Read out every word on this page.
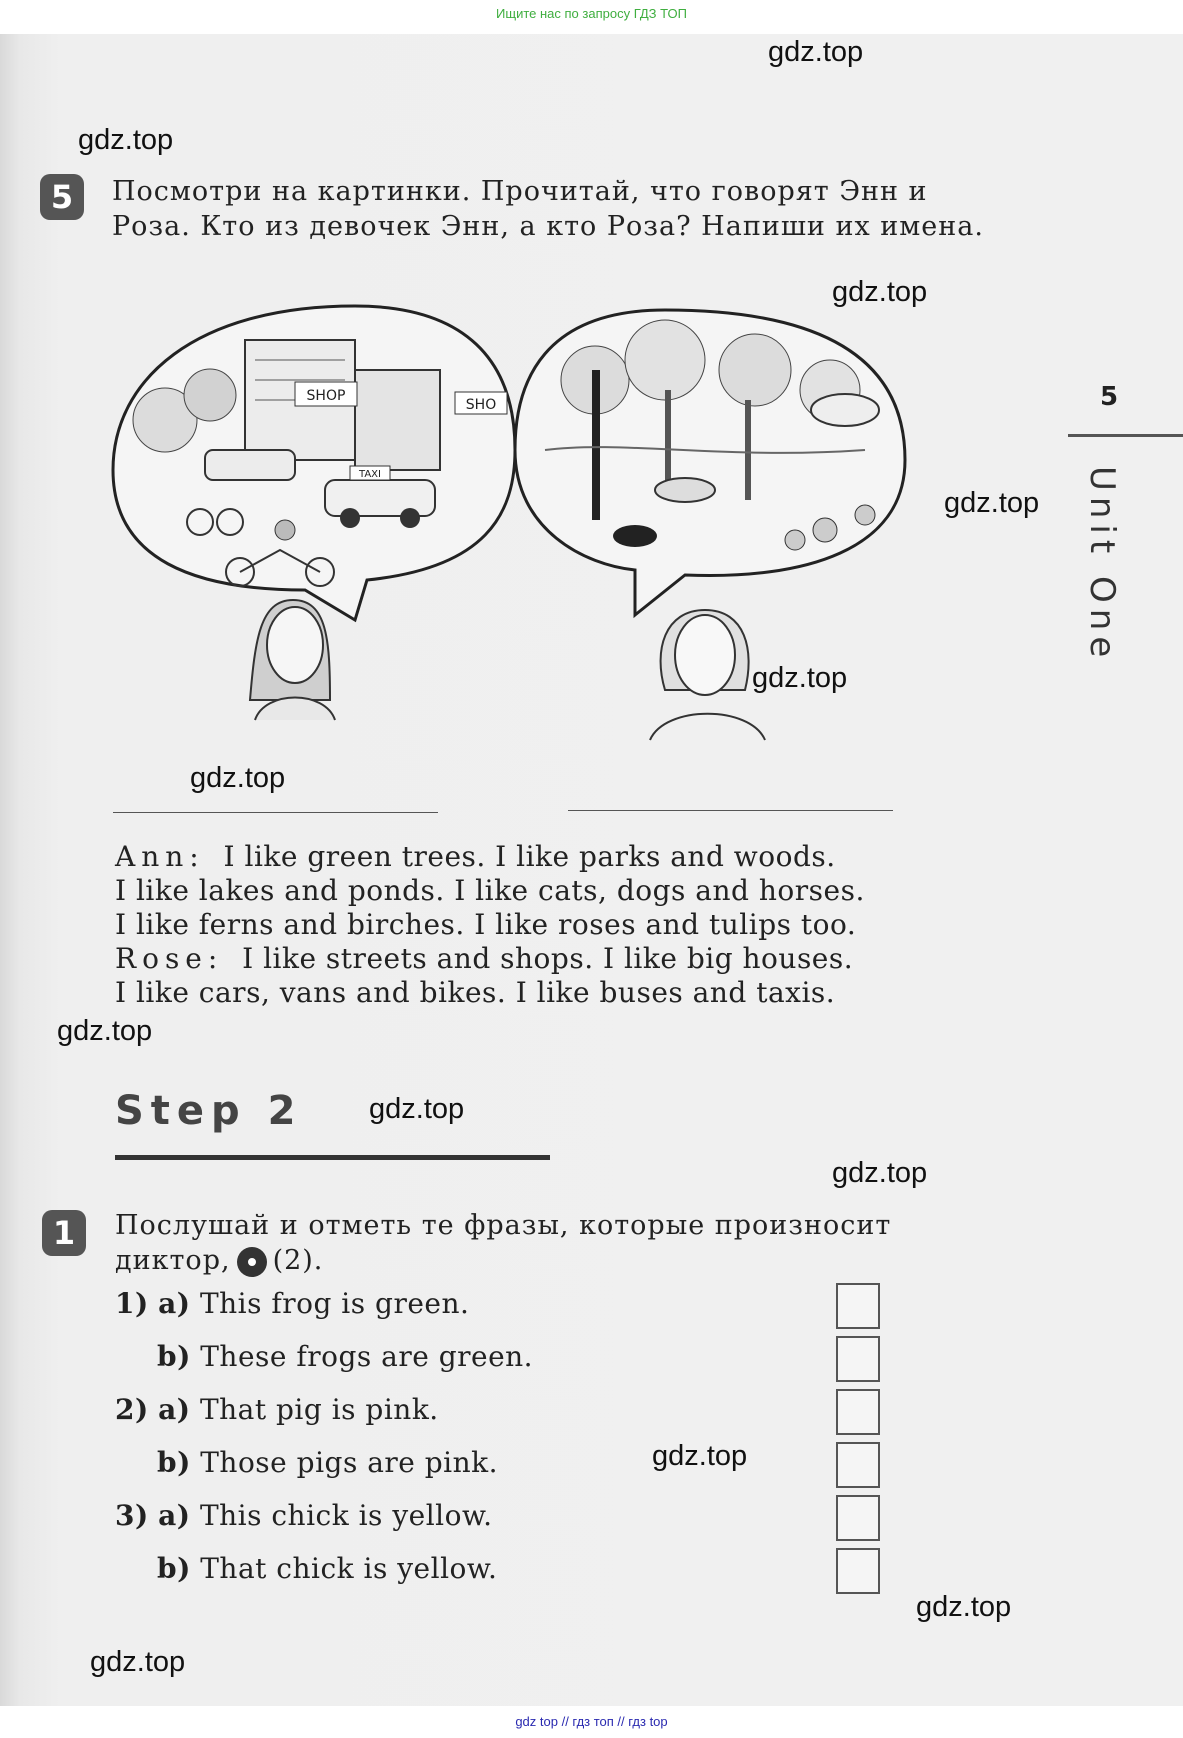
Ищите нас по запросу ГДЗ ТОП
gdz.top
gdz.top
gdz.top
gdz.top
gdz.top
gdz.top
gdz.top
gdz.top
gdz.top
gdz.top
gdz.top
gdz.top
5
Unit One
5	Посмотри на картинки. Прочитай, что говорят Энн и Роза. Кто из девочек Энн, а кто Роза? Напиши их имена.
SHOP
SHO
TAXI

Ann: I like green trees. I like parks and woods.

I like lakes and ponds. I like cats, dogs and horses.

I like ferns and birches. I like roses and tulips too.

Rose: I like streets and shops. I like big houses.

I like cars, vans and bikes. I like buses and taxis.

Step 2
1	Послушай и отметь те фразы, которые произносит
диктор, (2).
1) a) This frog is green.
b) These frogs are green.
2) a) That pig is pink.
b) Those pigs are pink.
3) a) This chick is yellow.
b) That chick is yellow.
gdz top // гдз топ // гдз top
